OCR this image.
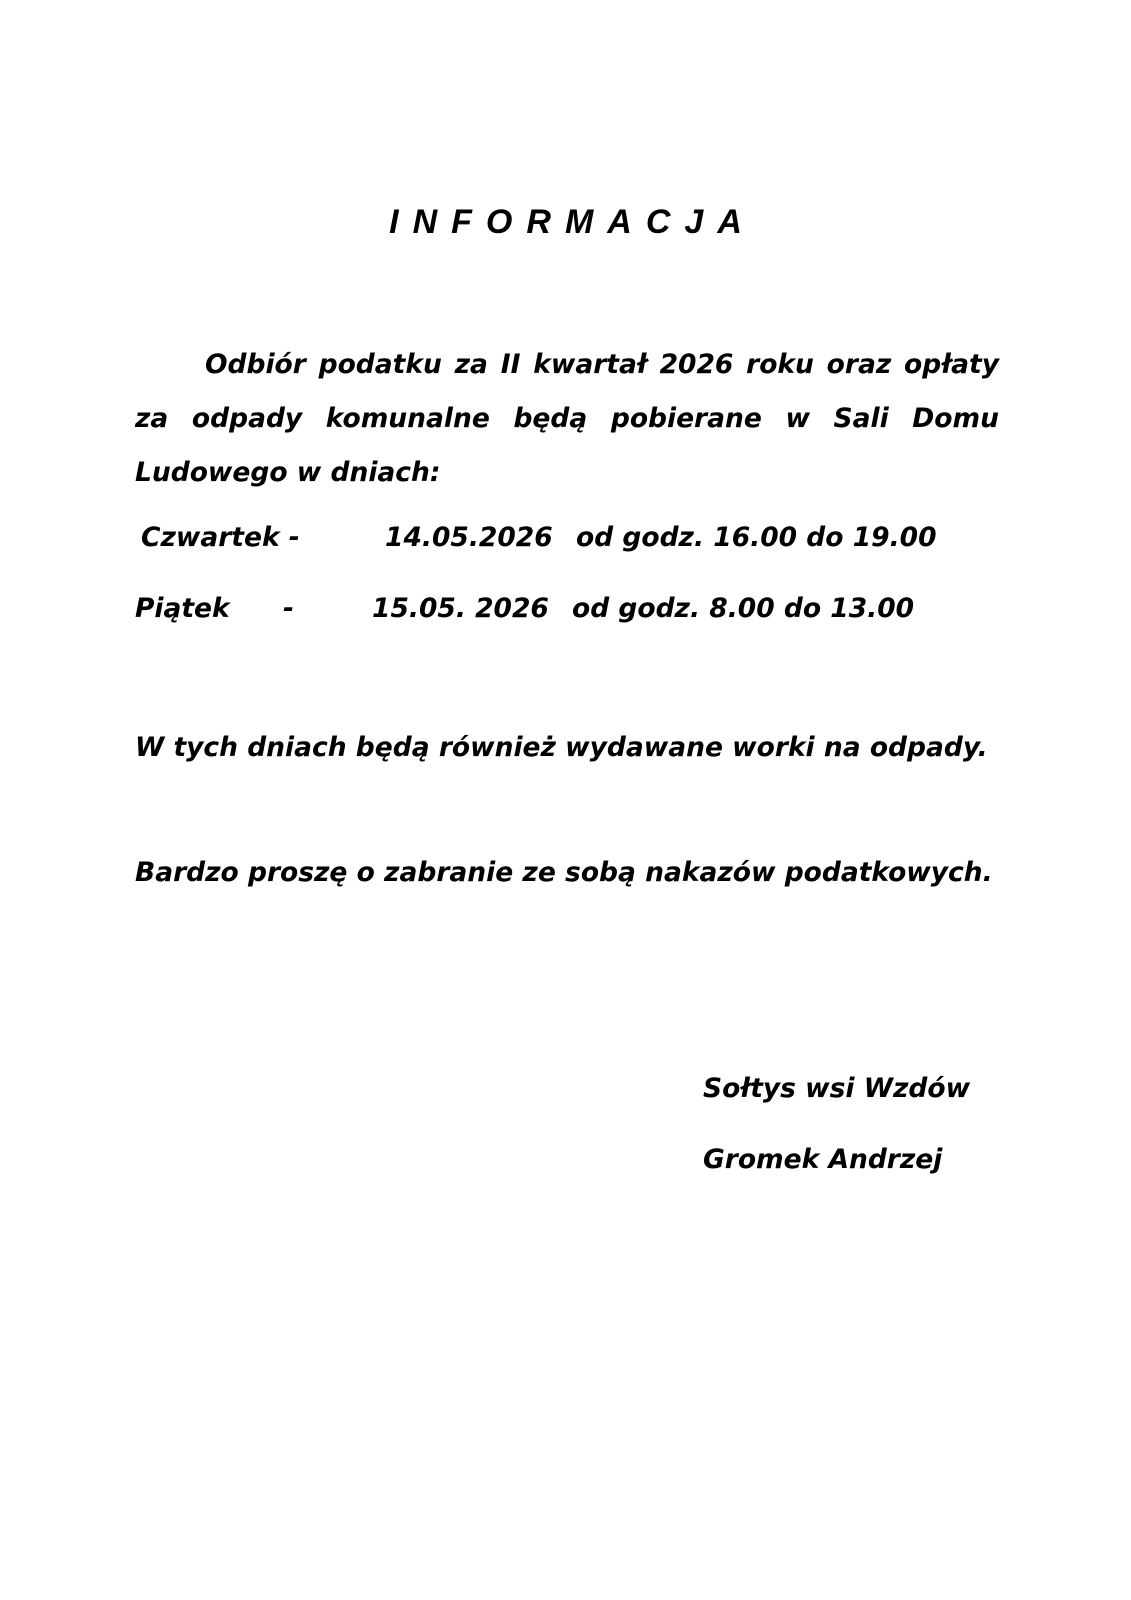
I N F O R M A C J A

Odbiór podatku za II kwartał 2026 roku oraz opłaty za odpady komunalne będą pobierane w Sali Domu Ludowego w dniach:

Czwartek -	14.05.2026 od godz. 16.00 do 19.00
Piątek -	15.05. 2026 od godz. 8.00 do 13.00

W tych dniach będą również wydawane worki na odpady.

Bardzo proszę o zabranie ze sobą nakazów podatkowych.

Sołtys wsi Wzdów
Gromek Andrzej
